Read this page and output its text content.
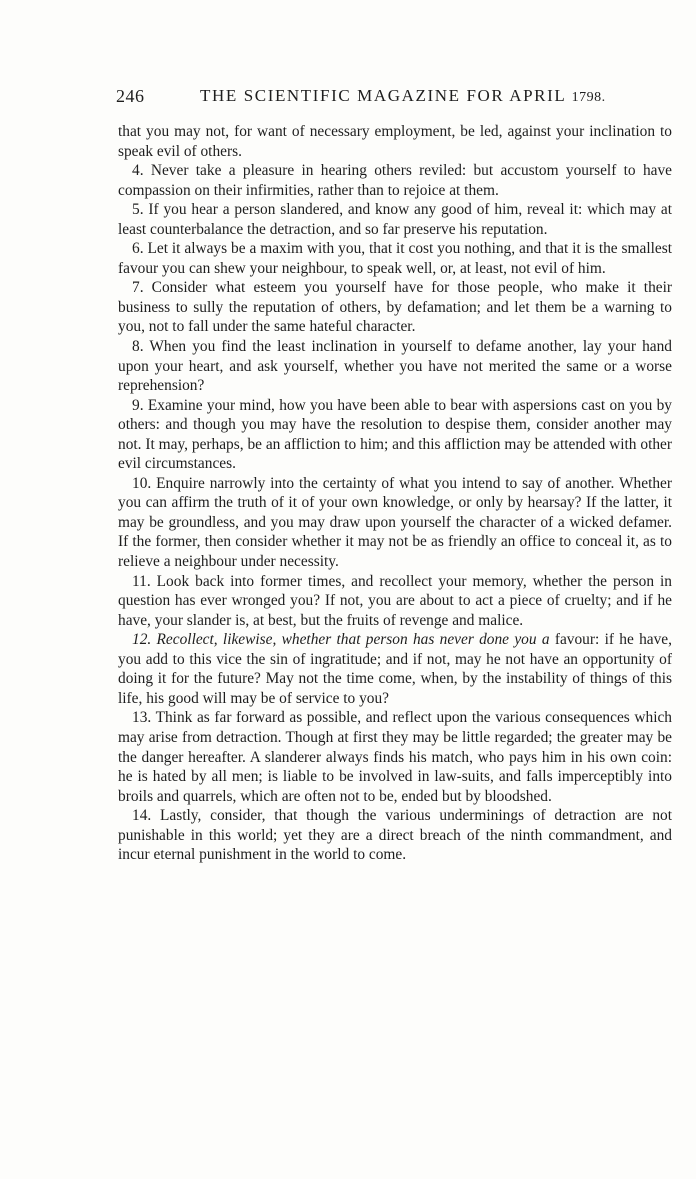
246	THE SCIENTIFIC MAGAZINE FOR APRIL 1798.

that you may not, for want of necessary employment, be led, against your inclination to speak evil of others.

4. Never take a pleasure in hearing others reviled: but accustom yourself to have compassion on their infirmities, rather than to rejoice at them.

5. If you hear a person slandered, and know any good of him, reveal it: which may at least counterbalance the detraction, and so far preserve his reputation.

6. Let it always be a maxim with you, that it cost you nothing, and that it is the smallest favour you can shew your neighbour, to speak well, or, at least, not evil of him.

7. Consider what esteem you yourself have for those people, who make it their business to sully the reputation of others, by defamation; and let them be a warning to you, not to fall under the same hateful character.

8. When you find the least inclination in yourself to defame another, lay your hand upon your heart, and ask yourself, whether you have not merited the same or a worse reprehension?

9. Examine your mind, how you have been able to bear with aspersions cast on you by others: and though you may have the resolution to despise them, consider another may not. It may, perhaps, be an affliction to him; and this affliction may be attended with other evil circumstances.

10. Enquire narrowly into the certainty of what you intend to say of another. Whether you can affirm the truth of it of your own knowledge, or only by hearsay? If the latter, it may be groundless, and you may draw upon yourself the character of a wicked defamer. If the former, then consider whether it may not be as friendly an office to conceal it, as to relieve a neighbour under necessity.

11. Look back into former times, and recollect your memory, whether the person in question has ever wronged you? If not, you are about to act a piece of cruelty; and if he have, your slander is, at best, but the fruits of revenge and malice.

12. Recollect, likewise, whether that person has never done you a favour: if he have, you add to this vice the sin of ingratitude; and if not, may he not have an opportunity of doing it for the future? May not the time come, when, by the instability of things of this life, his good will may be of service to you?

13. Think as far forward as possible, and reflect upon the various consequences which may arise from detraction. Though at first they may be little regarded; the greater may be the danger hereafter. A slanderer always finds his match, who pays him in his own coin: he is hated by all men; is liable to be involved in law-suits, and falls imperceptibly into broils and quarrels, which are often not to be, ended but by bloodshed.

14. Lastly, consider, that though the various underminings of detraction are not punishable in this world; yet they are a direct breach of the ninth commandment, and incur eternal punishment in the world to come.
